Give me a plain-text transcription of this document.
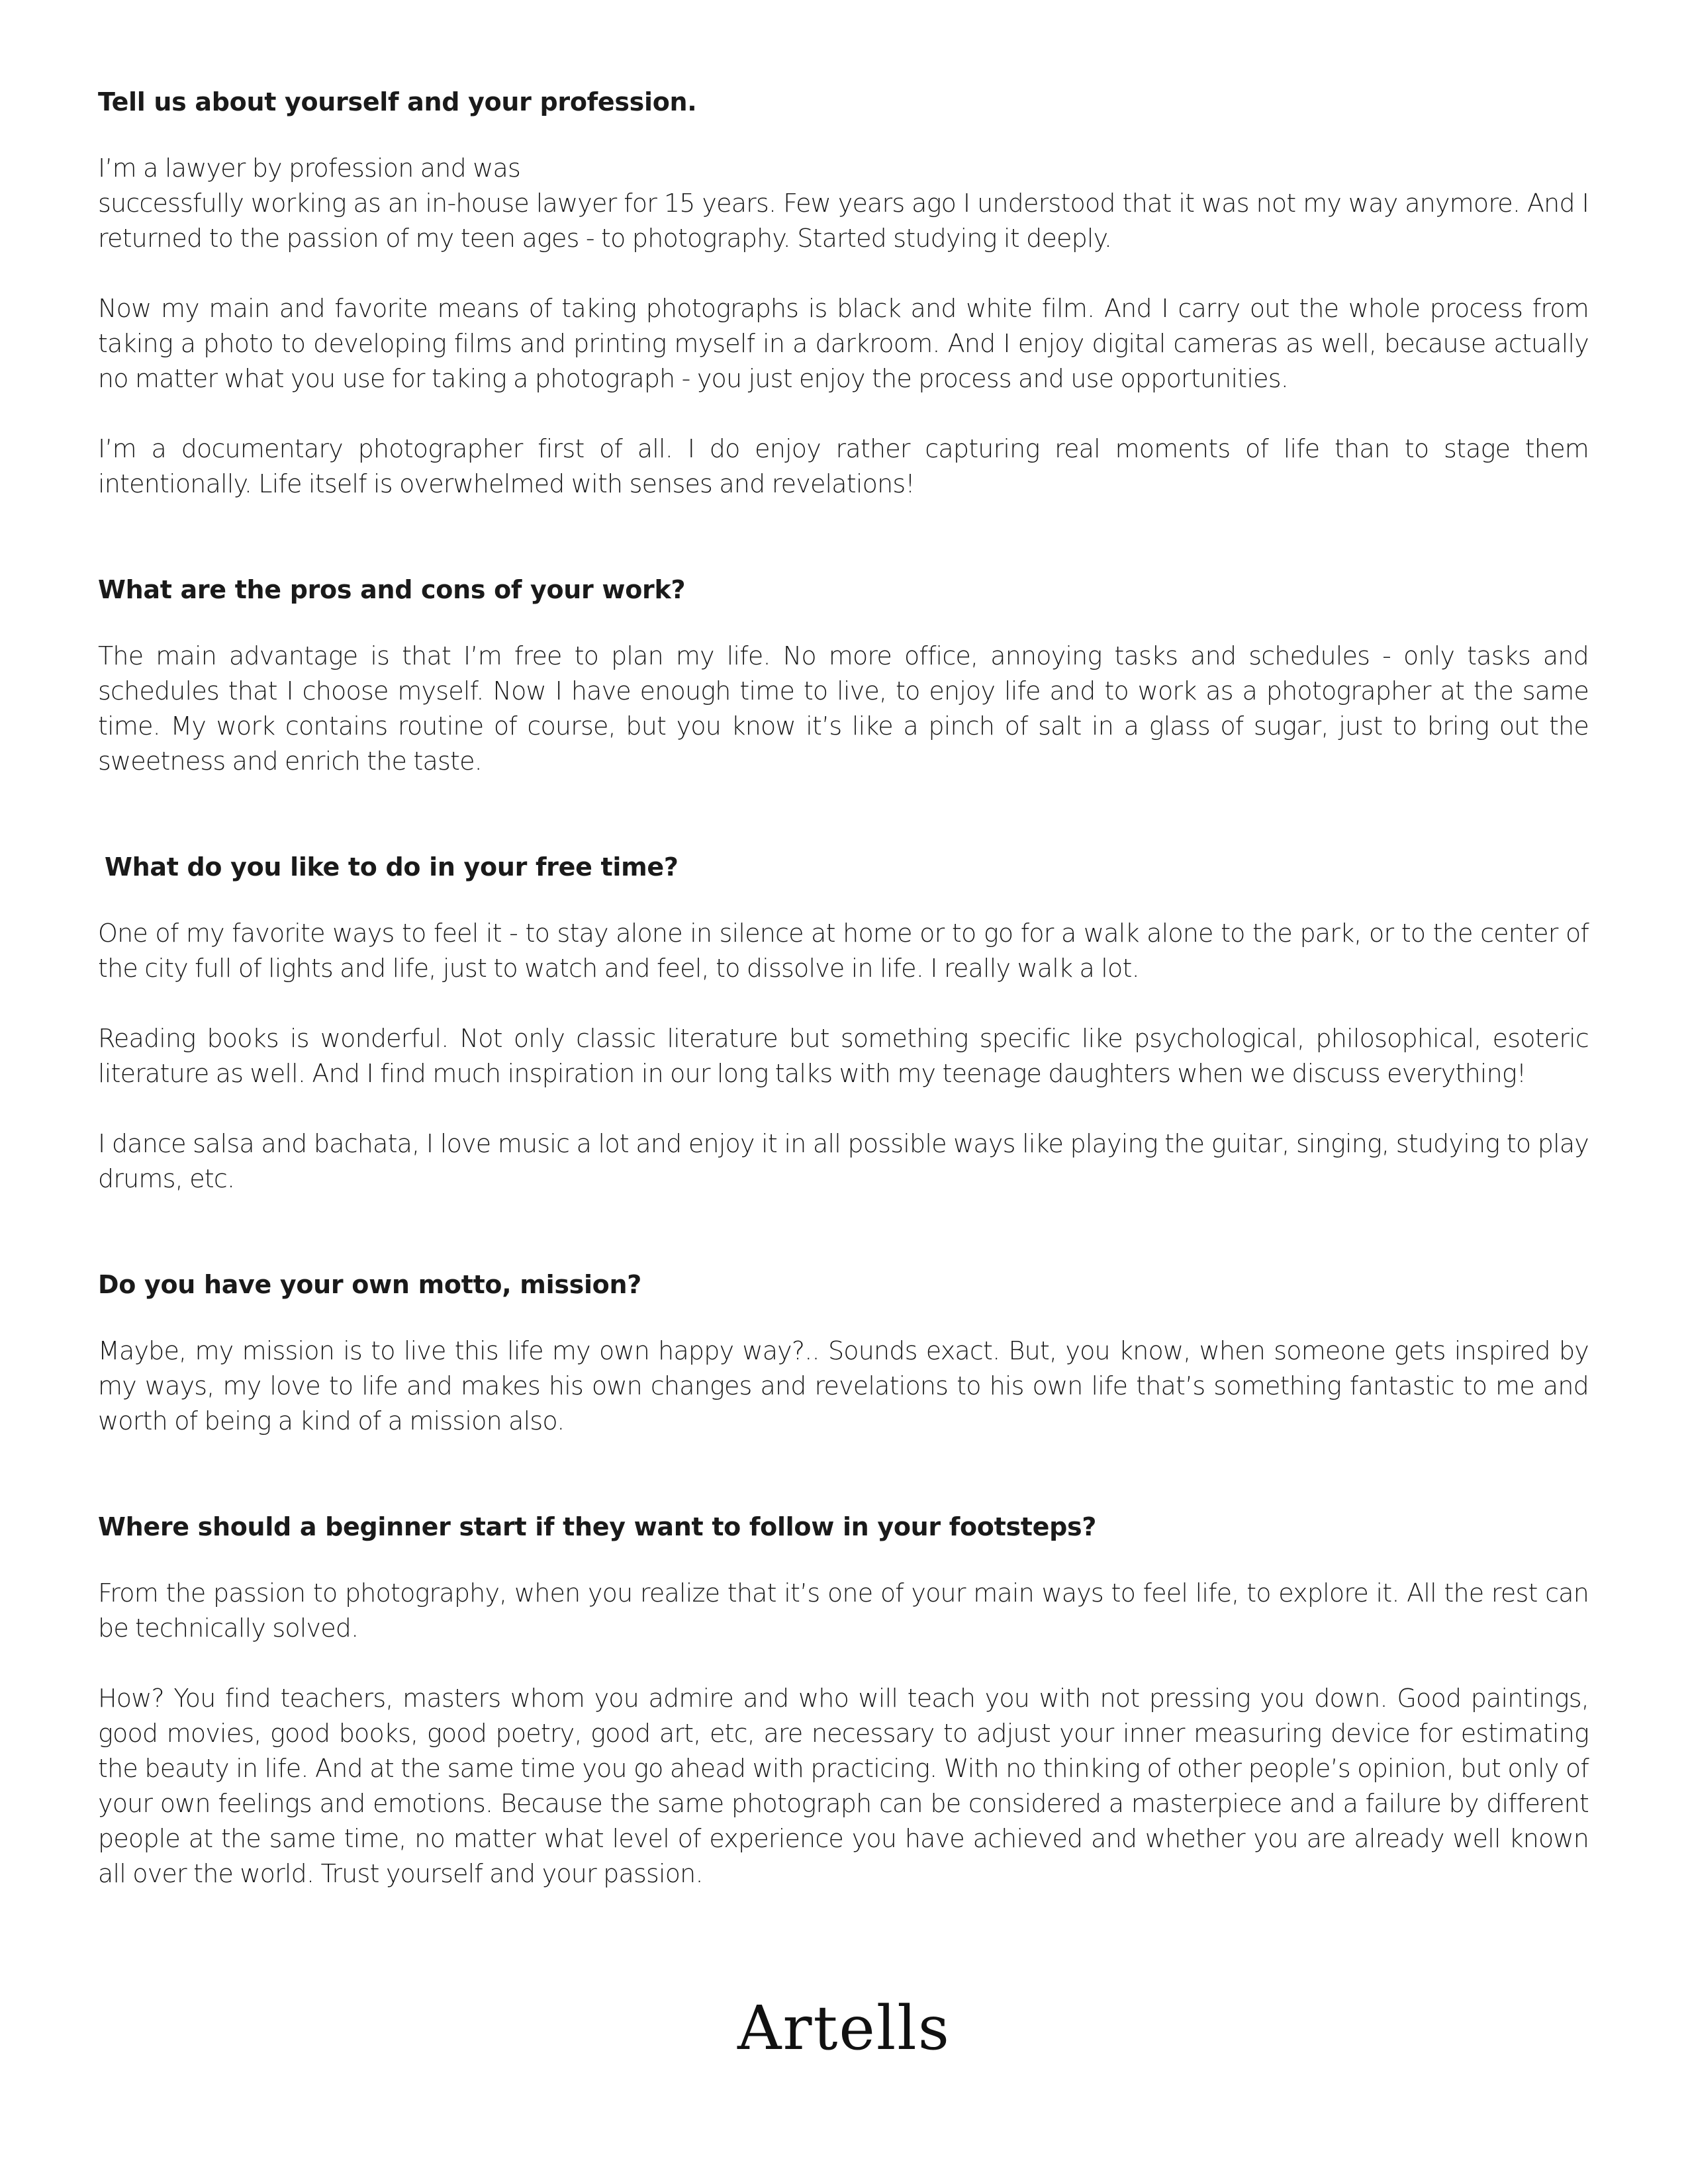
Tell us about yourself and your profession.

I’m a lawyer by profession and was

successfully working as an in-house lawyer for 15 years. Few years ago I understood that it was not my way anymore. And I returned to the passion of my teen ages - to photography. Started studying it deeply.

Now my main and favorite means of taking photographs is black and white film. And I carry out the whole process from taking a photo to developing films and printing myself in a darkroom. And I enjoy digital cameras as well, because actually no matter what you use for taking a photograph - you just enjoy the process and use opportunities.

I’m a documentary photographer first of all. I do enjoy rather capturing real moments of life than to stage them intentionally. Life itself is overwhelmed with senses and revelations!

What are the pros and cons of your work?

The main advantage is that I’m free to plan my life. No more office, annoying tasks and schedules - only tasks and schedules that I choose myself. Now I have enough time to live, to enjoy life and to work as a photographer at the same time. My work contains routine of course, but you know it’s like a pinch of salt in a glass of sugar, just to bring out the sweetness and enrich the taste.

What do you like to do in your free time?

One of my favorite ways to feel it - to stay alone in silence at home or to go for a walk alone to the park, or to the center of the city full of lights and life, just to watch and feel, to dissolve in life. I really walk a lot.

Reading books is wonderful. Not only classic literature but something specific like psychological, philosophical, esoteric literature as well. And I find much inspiration in our long talks with my teenage daughters when we discuss everything!

I dance salsa and bachata, I love music a lot and enjoy it in all possible ways like playing the guitar, singing, studying to play drums, etc.

Do you have your own motto, mission?

Maybe, my mission is to live this life my own happy way?.. Sounds exact. But, you know, when someone gets inspired by my ways, my love to life and makes his own changes and revelations to his own life that’s something fantastic to me and worth of being a kind of a mission also.

Where should a beginner start if they want to follow in your footsteps?

From the passion to photography, when you realize that it’s one of your main ways to feel life, to explore it. All the rest can be technically solved.

How? You find teachers, masters whom you admire and who will teach you with not pressing you down. Good paintings, good movies, good books, good poetry, good art, etc, are necessary to adjust your inner measuring device for estimating the beauty in life. And at the same time you go ahead with practicing. With no thinking of other people’s opinion, but only of your own feelings and emotions. Because the same photograph can be considered a masterpiece and a failure by different people at the same time, no matter what level of experience you have achieved and whether you are already well known all over the world. Trust yourself and your passion.

Artells
